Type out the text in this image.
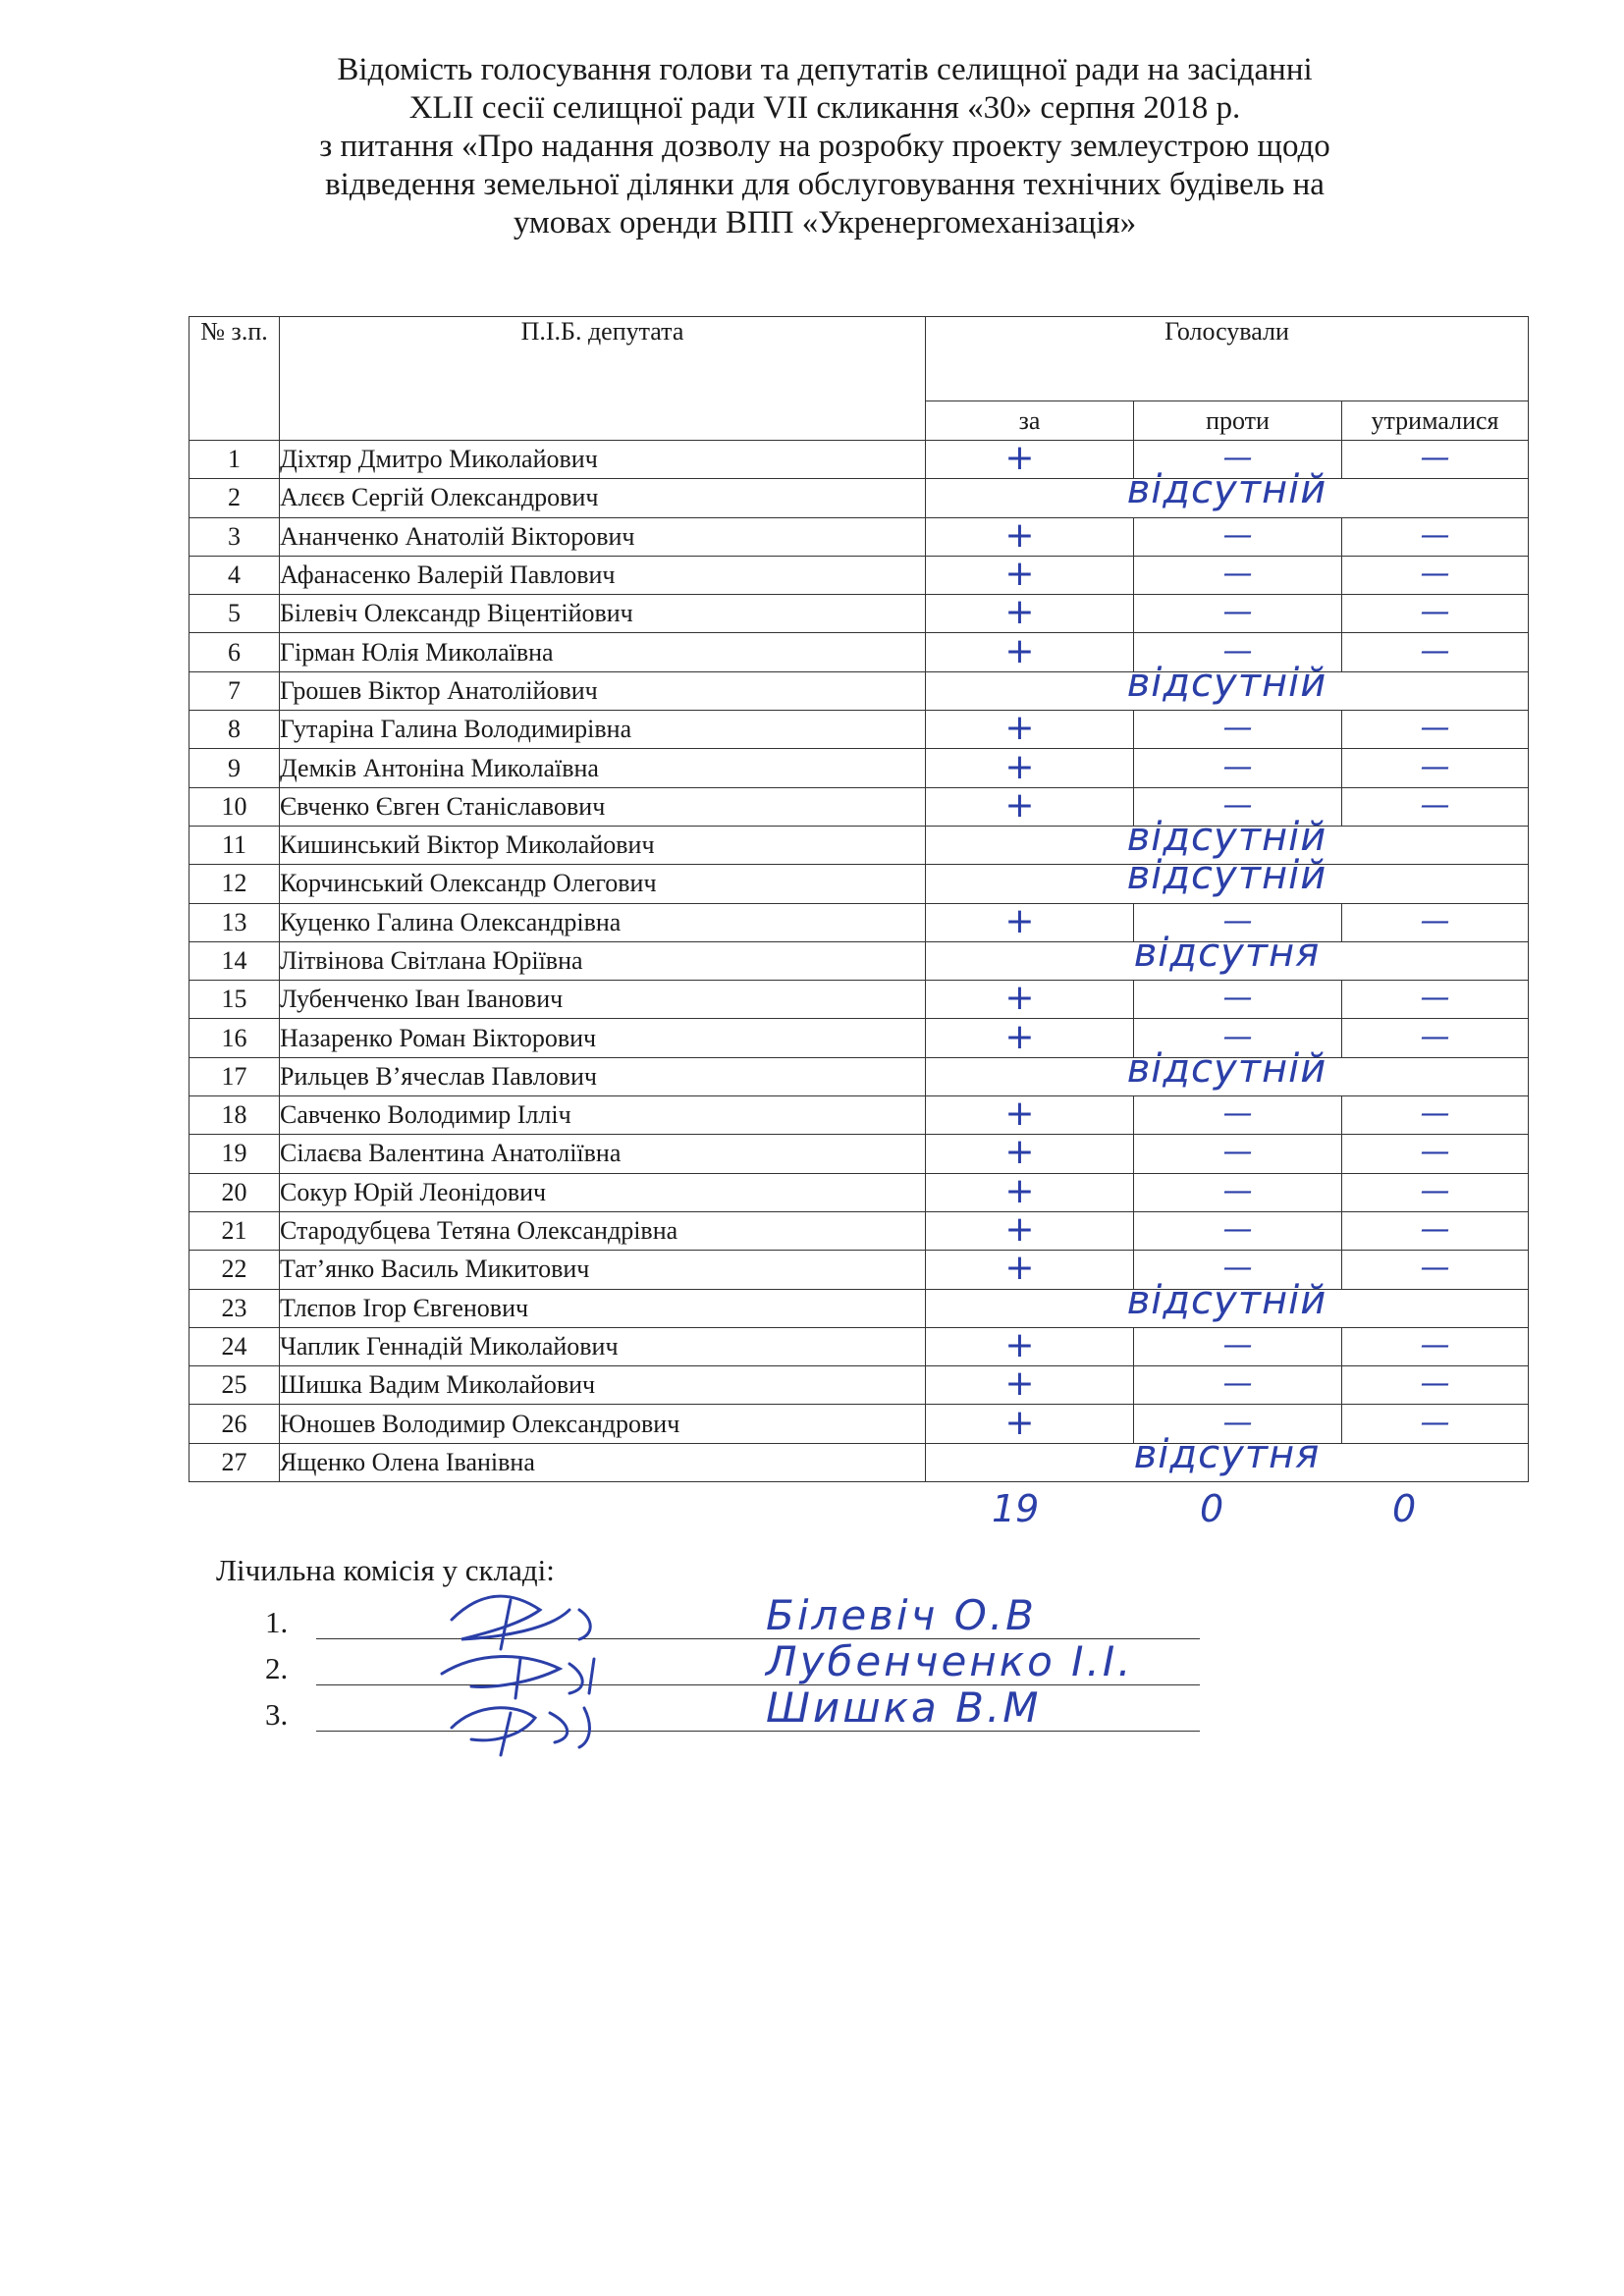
Відомість голосування голови та депутатів селищної ради на засіданні
XLII сесії селищної ради VII скликання «30» серпня 2018 р.
з питання «Про надання дозволу на розробку проекту землеустрою щодо
відведення земельної ділянки для обслуговування технічних будівель на
умовах оренди ВПП «Укренергомеханізація»
№ з.п.	П.І.Б. депутата	Голосували		
		за	проти	утрималися
1	Діхтяр Дмитро Миколайович	+	—	—
2	Алєєв Сергій Олександрович	відсутній		

3	Ананченко Анатолій Вікторович	+	—	—
4	Афанасенко Валерій Павлович	+	—	—
5	Білевіч Олександр Віцентійович	+	—	—
6	Гірман Юлія Миколаївна	+	—	—
7	Грошев Віктор Анатолійович	відсутній		

8	Гутаріна Галина Володимирівна	+	—	—
9	Демків Антоніна Миколаївна	+	—	—
10	Євченко Євген Станіславович	+	—	—
11	Кишинський Віктор Миколайович	відсутній		

12	Корчинський Олександр Олегович	відсутній		

13	Куценко Галина Олександрівна	+	—	—
14	Літвінова Світлана Юріївна	відсутня		

15	Лубенченко Іван Іванович	+	—	—
16	Назаренко Роман Вікторович	+	—	—
17	Рильцев В’ячеслав Павлович	відсутній		

18	Савченко Володимир Ілліч	+	—	—
19	Сілаєва Валентина Анатоліївна	+	—	—
20	Сокур Юрій Леонідович	+	—	—
21	Стародубцева Тетяна Олександрівна	+	—	—
22	Тат’янко Василь Микитович	+	—	—
23	Тлєпов Ігор Євгенович	відсутній		

24	Чаплик Геннадій Миколайович	+	—	—
25	Шишка Вадим Миколайович	+	—	—
26	Юношев Володимир Олександрович	+	—	—
27	Ященко Олена Іванівна	відсутня		
19	0	0
Лічильна комісія у складі:
1.	Білевіч О.В
2.	Лубенченко І.І.
3.	Шишка В.М
